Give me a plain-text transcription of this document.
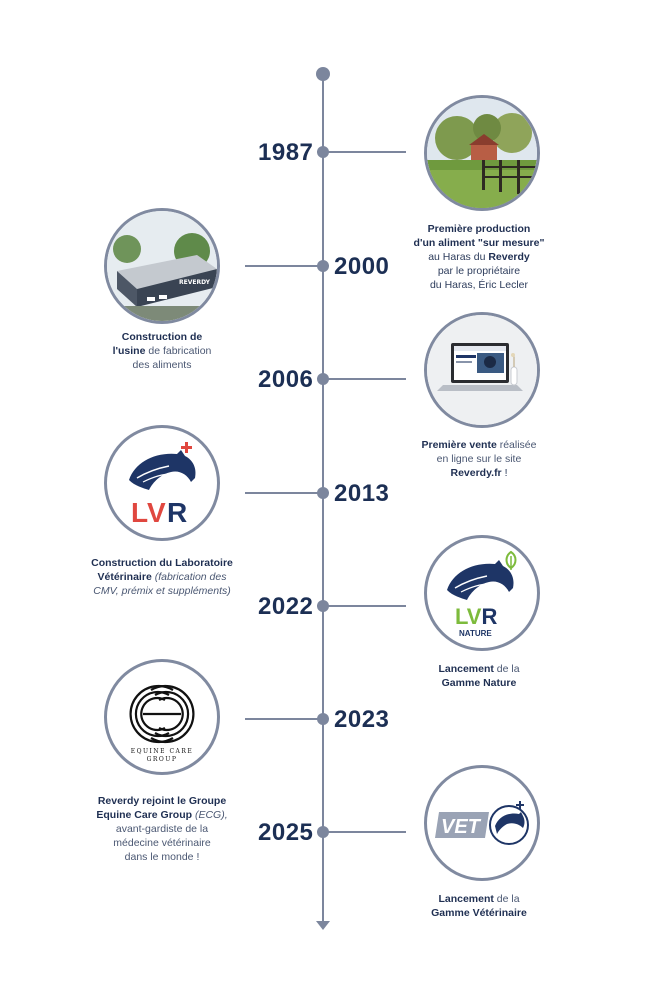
1987
Première production
d'un aliment "sur mesure"
au Haras du Reverdy
par le propriétaire
du Haras, Éric Lecler
2000
REVERDY
Construction de
l'usine de fabrication
des aliments
2006
Première vente réalisée
en ligne sur le site
Reverdy.fr !
2013
L
V R
Construction du Laboratoire
Vétérinaire (fabrication des
CMV, prémix et suppléments)
2022	LVR
NATURE
Lancement de la
Gamme Nature
2023
EQUINE CARE
GROUP
Reverdy rejoint le Groupe
Equine Care Group (ECG),
avant-gardiste de la
médecine vétérinaire
dans le monde !
2025	VET
Lancement de la
Gamme Vétérinaire
